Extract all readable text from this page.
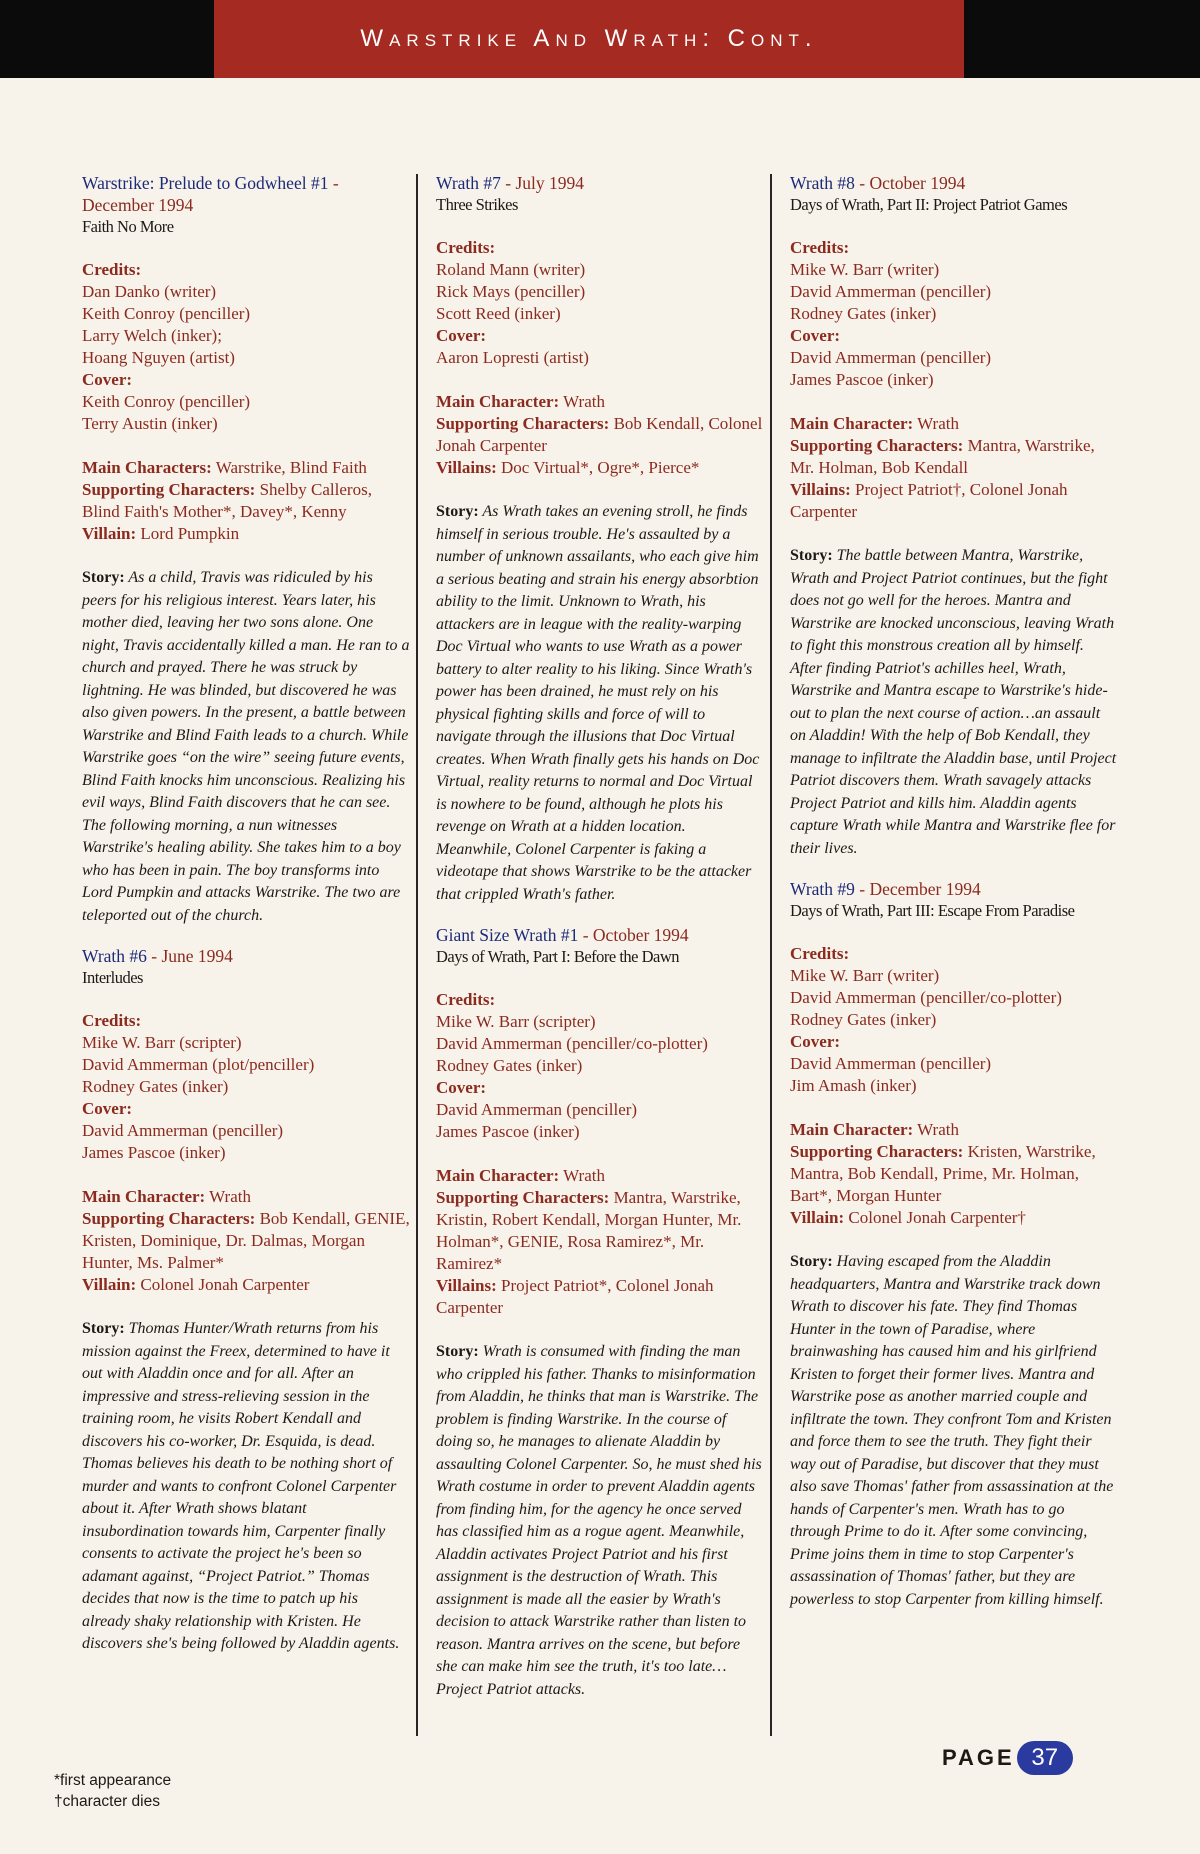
Warstrike And Wrath: Cont.
Warstrike: Prelude to Godwheel #1 - December 1994
Faith No More
Credits:
Dan Danko (writer)
Keith Conroy (penciller)
Larry Welch (inker);
Hoang Nguyen (artist)
Cover:
Keith Conroy (penciller)
Terry Austin (inker)
Main Characters: Warstrike, Blind Faith
Supporting Characters: Shelby Calleros, Blind Faith's Mother*, Davey*, Kenny
Villain: Lord Pumpkin
Story: As a child, Travis was ridiculed by his peers for his religious interest. Years later, his mother died, leaving her two sons alone. One night, Travis accidentally killed a man. He ran to a church and prayed. There he was struck by lightning. He was blinded, but discovered he was also given powers. In the present, a battle between Warstrike and Blind Faith leads to a church. While Warstrike goes “on the wire” seeing future events, Blind Faith knocks him unconscious. Realizing his evil ways, Blind Faith discovers that he can see. The following morning, a nun witnesses Warstrike's healing ability. She takes him to a boy who has been in pain. The boy transforms into Lord Pumpkin and attacks Warstrike. The two are teleported out of the church.
Wrath #6 - June 1994
Interludes
Credits:
Mike W. Barr (scripter)
David Ammerman (plot/penciller)
Rodney Gates (inker)
Cover:
David Ammerman (penciller)
James Pascoe (inker)
Main Character: Wrath
Supporting Characters: Bob Kendall, GENIE, Kristen, Dominique, Dr. Dalmas, Morgan Hunter, Ms. Palmer*
Villain: Colonel Jonah Carpenter
Story: Thomas Hunter/Wrath returns from his mission against the Freex, determined to have it out with Aladdin once and for all. After an impressive and stress-relieving session in the training room, he visits Robert Kendall and discovers his co-worker, Dr. Esquida, is dead. Thomas believes his death to be nothing short of murder and wants to confront Colonel Carpenter about it. After Wrath shows blatant insubordination towards him, Carpenter finally consents to activate the project he's been so adamant against, “Project Patriot.” Thomas decides that now is the time to patch up his already shaky relationship with Kristen. He discovers she's being followed by Aladdin agents.
Wrath #7 - July 1994
Three Strikes
Credits:
Roland Mann (writer)
Rick Mays (penciller)
Scott Reed (inker)
Cover:
Aaron Lopresti (artist)
Main Character: Wrath
Supporting Characters: Bob Kendall, Colonel Jonah Carpenter
Villains: Doc Virtual*, Ogre*, Pierce*
Story: As Wrath takes an evening stroll, he finds himself in serious trouble. He's assaulted by a number of unknown assailants, who each give him a serious beating and strain his energy absorbtion ability to the limit. Unknown to Wrath, his attackers are in league with the reality-warping Doc Virtual who wants to use Wrath as a power battery to alter reality to his liking. Since Wrath's power has been drained, he must rely on his physical fighting skills and force of will to navigate through the illusions that Doc Virtual creates. When Wrath finally gets his hands on Doc Virtual, reality returns to normal and Doc Virtual is nowhere to be found, although he plots his revenge on Wrath at a hidden location. Meanwhile, Colonel Carpenter is faking a videotape that shows Warstrike to be the attacker that crippled Wrath's father.
Giant Size Wrath #1 - October 1994
Days of Wrath, Part I: Before the Dawn
Credits:
Mike W. Barr (scripter)
David Ammerman (penciller/co-plotter)
Rodney Gates (inker)
Cover:
David Ammerman (penciller)
James Pascoe (inker)
Main Character: Wrath
Supporting Characters: Mantra, Warstrike, Kristin, Robert Kendall, Morgan Hunter, Mr. Holman*, GENIE, Rosa Ramirez*, Mr. Ramirez*
Villains: Project Patriot*, Colonel Jonah Carpenter
Story: Wrath is consumed with finding the man who crippled his father. Thanks to misinformation from Aladdin, he thinks that man is Warstrike. The problem is finding Warstrike. In the course of doing so, he manages to alienate Aladdin by assaulting Colonel Carpenter. So, he must shed his Wrath costume in order to prevent Aladdin agents from finding him, for the agency he once served has classified him as a rogue agent. Meanwhile, Aladdin activates Project Patriot and his first assignment is the destruction of Wrath. This assignment is made all the easier by Wrath's decision to attack Warstrike rather than listen to reason. Mantra arrives on the scene, but before she can make him see the truth, it's too late…Project Patriot attacks.
Wrath #8 - October 1994
Days of Wrath, Part II: Project Patriot Games
Credits:
Mike W. Barr (writer)
David Ammerman (penciller)
Rodney Gates (inker)
Cover:
David Ammerman (penciller)
James Pascoe (inker)
Main Character: Wrath
Supporting Characters: Mantra, Warstrike, Mr. Holman, Bob Kendall
Villains: Project Patriot†, Colonel Jonah Carpenter
Story: The battle between Mantra, Warstrike, Wrath and Project Patriot continues, but the fight does not go well for the heroes. Mantra and Warstrike are knocked unconscious, leaving Wrath to fight this monstrous creation all by himself. After finding Patriot's achilles heel, Wrath, Warstrike and Mantra escape to Warstrike's hide-out to plan the next course of action…an assault on Aladdin! With the help of Bob Kendall, they manage to infiltrate the Aladdin base, until Project Patriot discovers them. Wrath savagely attacks Project Patriot and kills him. Aladdin agents capture Wrath while Mantra and Warstrike flee for their lives.
Wrath #9 - December 1994
Days of Wrath, Part III: Escape From Paradise
Credits:
Mike W. Barr (writer)
David Ammerman (penciller/co-plotter)
Rodney Gates (inker)
Cover:
David Ammerman (penciller)
Jim Amash (inker)
Main Character: Wrath
Supporting Characters: Kristen, Warstrike, Mantra, Bob Kendall, Prime, Mr. Holman, Bart*, Morgan Hunter
Villain: Colonel Jonah Carpenter†
Story: Having escaped from the Aladdin headquarters, Mantra and Warstrike track down Wrath to discover his fate. They find Thomas Hunter in the town of Paradise, where brainwashing has caused him and his girlfriend Kristen to forget their former lives. Mantra and Warstrike pose as another married couple and infiltrate the town. They confront Tom and Kristen and force them to see the truth. They fight their way out of Paradise, but discover that they must also save Thomas' father from assassination at the hands of Carpenter's men. Wrath has to go through Prime to do it. After some convincing, Prime joins them in time to stop Carpenter's assassination of Thomas' father, but they are powerless to stop Carpenter from killing himself.
PAGE 37
*first appearance
†character dies
